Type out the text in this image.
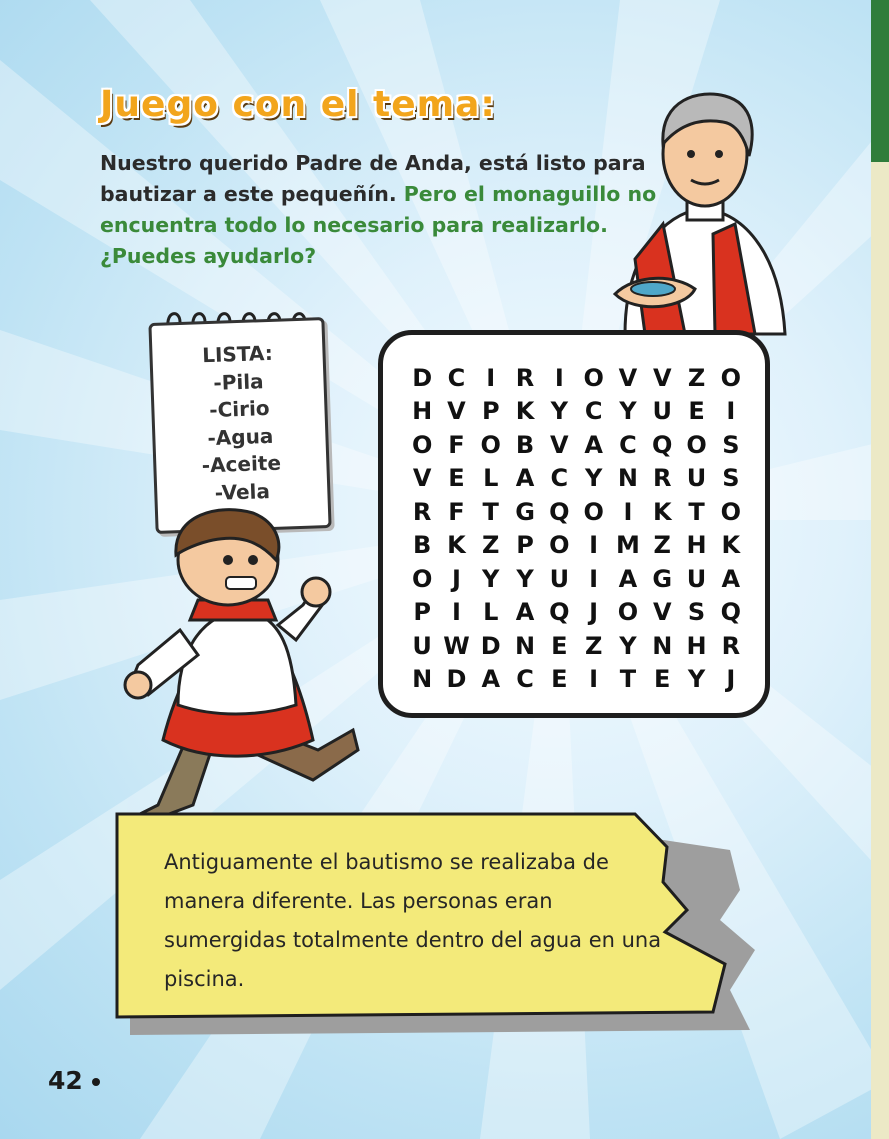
Juego con el tema:

Nuestro querido Padre de Anda, está listo para bautizar a este pequeñín. Pero el monaguillo no encuentra todo lo necesario para realizarlo. ¿Puedes ayudarlo?

LISTA:
-Pila
-Cirio
-Agua
-Aceite
-Vela
D C I R I O V V Z O
H V P K Y C Y U E I
O F O B V A C Q O S
V E L A C Y N R U S
R F T G Q O I K T O
B K Z P O I M Z H K
O J Y Y U I A G U A
P I L A Q J O V S Q
U W D N E Z Y N H R
N D A C E I T E Y J

Antiguamente el bautismo se realizaba de manera diferente. Las personas eran sumergidas totalmente dentro del agua en una piscina.

42
